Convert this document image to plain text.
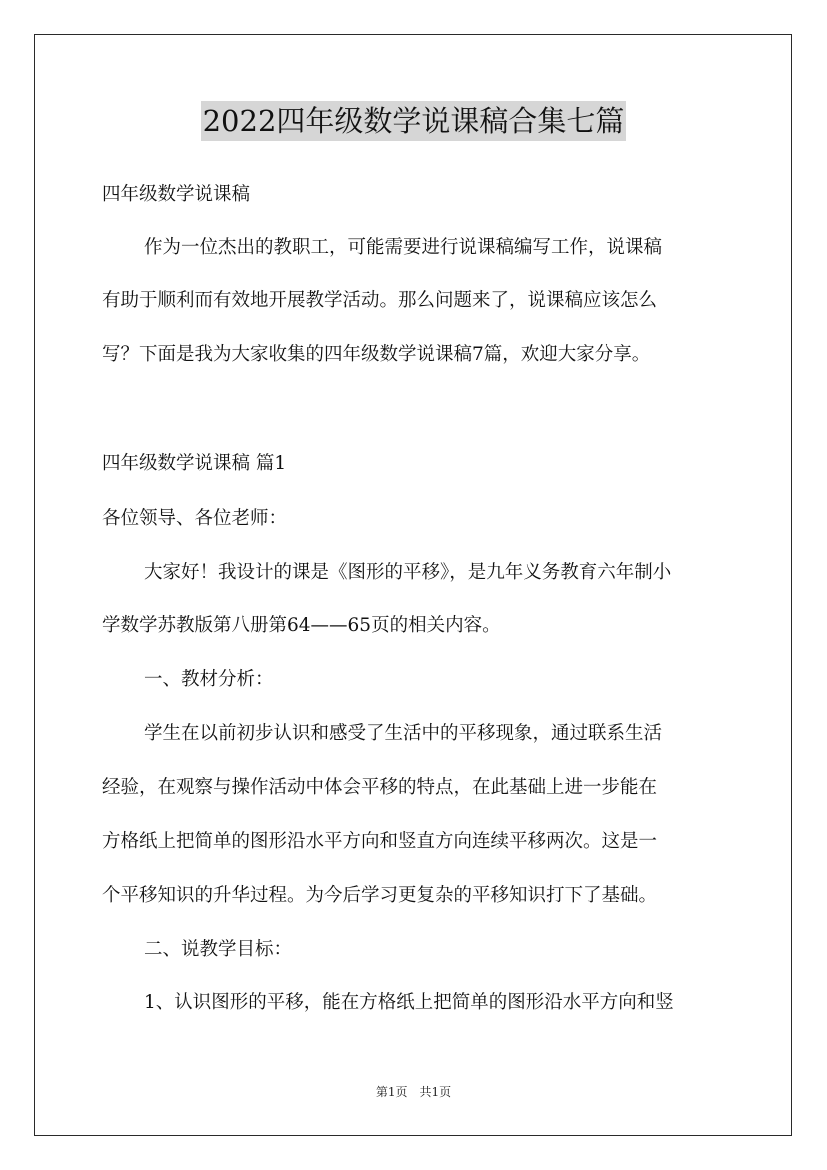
2022四年级数学说课稿合集七篇
四年级数学说课稿
作为一位杰出的教职工，可能需要进行说课稿编写工作，说课稿
有助于顺利而有效地开展教学活动。那么问题来了，说课稿应该怎么
写？下面是我为大家收集的四年级数学说课稿7篇，欢迎大家分享。
四年级数学说课稿 篇1
各位领导、各位老师：
大家好！我设计的课是《图形的平移》，是九年义务教育六年制小
学数学苏教版第八册第64——65页的相关内容。
一、教材分析：
学生在以前初步认识和感受了生活中的平移现象，通过联系生活
经验，在观察与操作活动中体会平移的特点，在此基础上进一步能在
方格纸上把简单的图形沿水平方向和竖直方向连续平移两次。这是一
个平移知识的升华过程。为今后学习更复杂的平移知识打下了基础。
二、说教学目标：
1、认识图形的平移，能在方格纸上把简单的图形沿水平方向和竖
第1页　共1页
